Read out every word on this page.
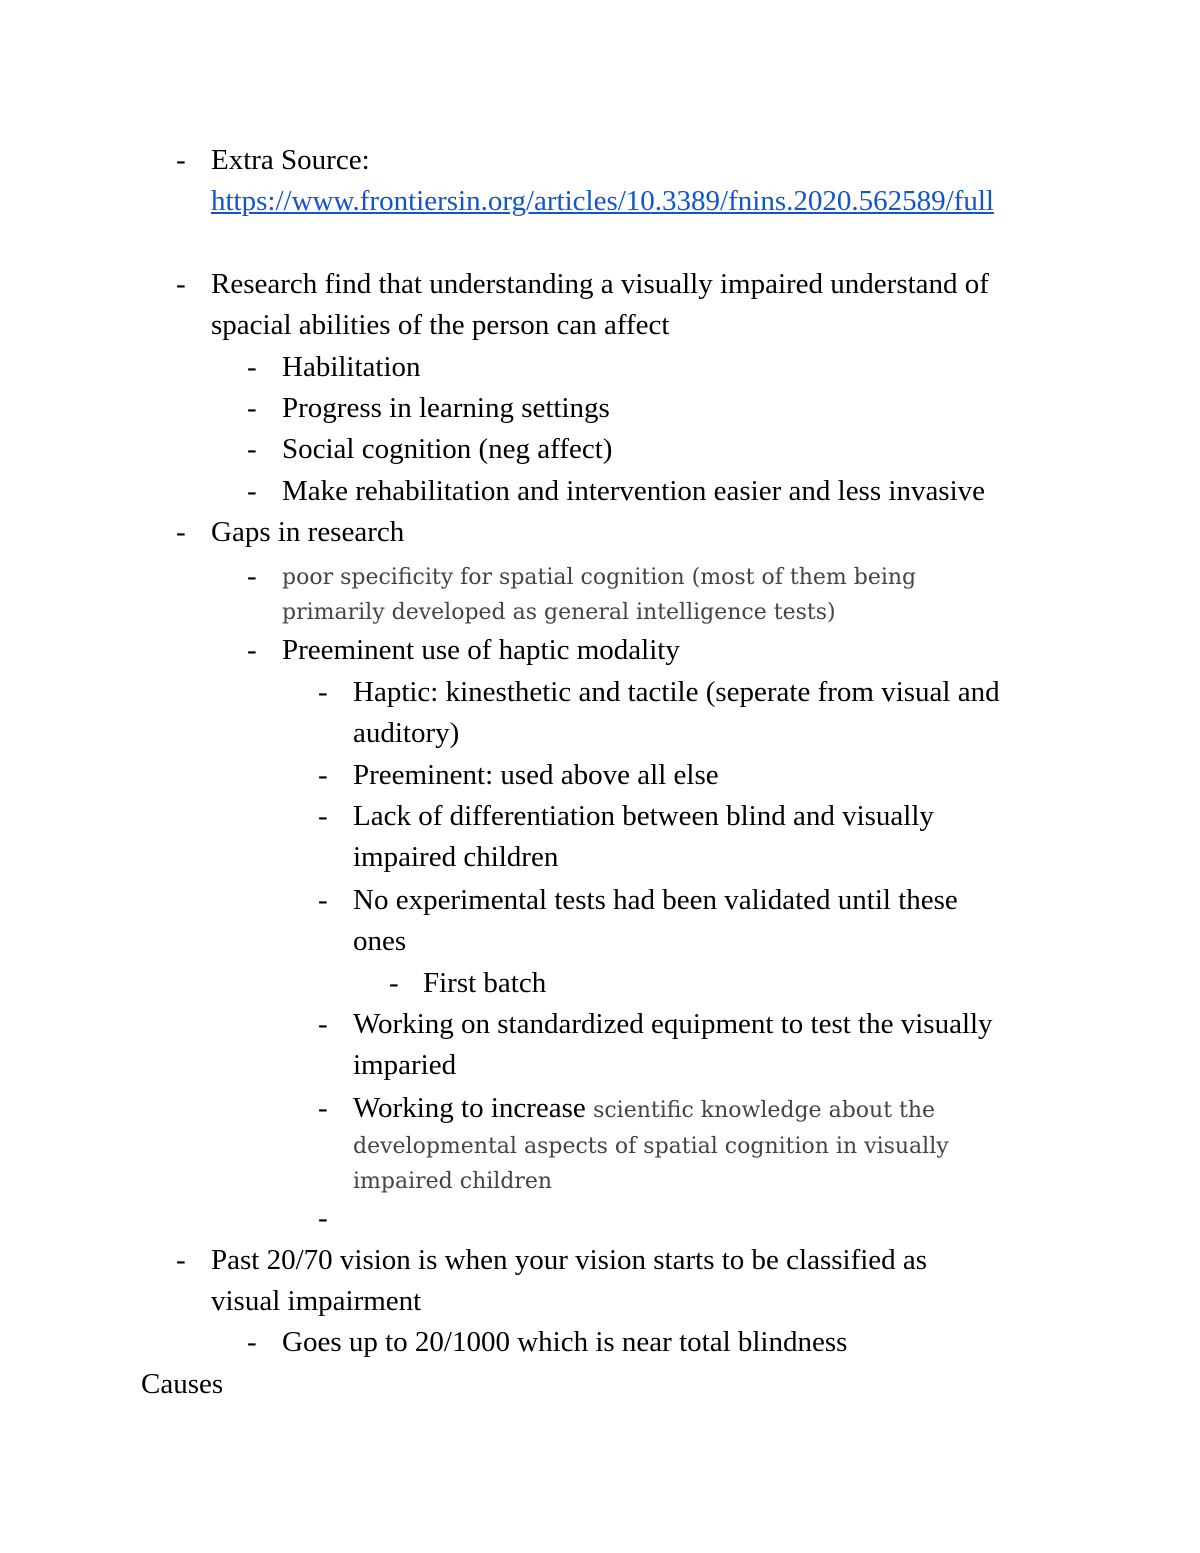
- Extra Source:
https://www.frontiersin.org/articles/10.3389/fnins.2020.562589/full
- Research find that understanding a visually impaired understand of
spacial abilities of the person can affect
- Habilitation
- Progress in learning settings
- Social cognition (neg affect)
- Make rehabilitation and intervention easier and less invasive
- Gaps in research
- poor specificity for spatial cognition (most of them being
primarily developed as general intelligence tests)
- Preeminent use of haptic modality
- Haptic: kinesthetic and tactile (seperate from visual and
auditory)
- Preeminent: used above all else
- Lack of differentiation between blind and visually
impaired children
- No experimental tests had been validated until these
ones
- First batch
- Working on standardized equipment to test the visually
imparied
- Working to increase scientific knowledge about the
developmental aspects of spatial cognition in visually
impaired children
-
- Past 20/70 vision is when your vision starts to be classified as
visual impairment
- Goes up to 20/1000 which is near total blindness
Causes
